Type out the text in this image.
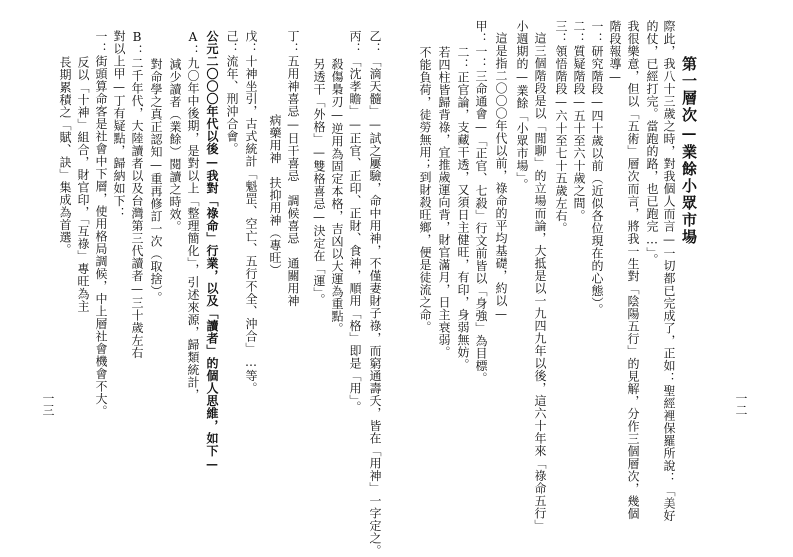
一二
第一層次—業餘小眾市場
際此，我八十三歲之時，對我個人而言—一切都已完成了，正如：聖經裡保羅所說：「美好
的仗，已經打完。當跑的路，也已跑完…」。
我很樂意，但以「五術」層次而言，將我一生對「陰陽五行」的見解，分作三個層次，幾個
階段報導—
一：研究階段—四十歲以前（近似各位現在的心態）。
二：質疑階段—五十至六十歲之間。
三：領悟階段—六十至七十五歲左右。
這三個階段是以「閒聊」的立場而論，大抵是以一九四九年以後，這六十年來「祿命五行」
小週期的—業餘「小眾市場」。
這是指二〇〇〇年代以前，祿命的平均基礎，約以—
甲：一：三命通會—「正官、七殺」行文前皆以「身強」為目標。
二：正官論，支藏干透，又須日主健旺，有印，身弱無妨。
若四柱皆歸背祿，宜推歲運向背，財官滿月，日主衰弱。
不能負荷，徒勞無用；到財殺旺鄉，便是徒流之命。
乙：「滴天髓」—試之屢驗，命中用神，不僅妻財子祿，而窮通壽夭，皆在「用神」一字定之。
丙：「沈孝瞻」—正官、正印、正財、食神，順用「格」即是「用」。
殺傷梟刃—逆用為固定本格，吉凶以大運為重點。
另透干「外格」—雙格喜忌—決定在「運」。
丁：五用神喜忌—日干喜忌　調候喜忌　通關用神
病藥用神　扶抑用神（專旺）
戊：十神坐引，古式統計「魁罡、空亡、五行不全、沖合」…等。
己：流年、刑沖合會。
公元二〇〇〇年代以後—我對「祿命」行業，以及「讀者」的個人思維，如下—
A：九〇年中後期，是對以上「整理簡化」，引述來源，歸類統計，
減少讀者（業餘）閱讀之時效。
對命學之真正認知—重再修訂一次（取捨）。
B：二千年代，大陸讀者以及台灣第三代讀者—三十歲左右
對以上甲—丁有疑點，歸納如下：
一：街頭算命客是社會中下層，使用格局調候，中上層社會機會不大。
反以「十神」組合，財官印，「互祿」專旺為主
長期累積之「賦、訣」集成為首選。
一三
